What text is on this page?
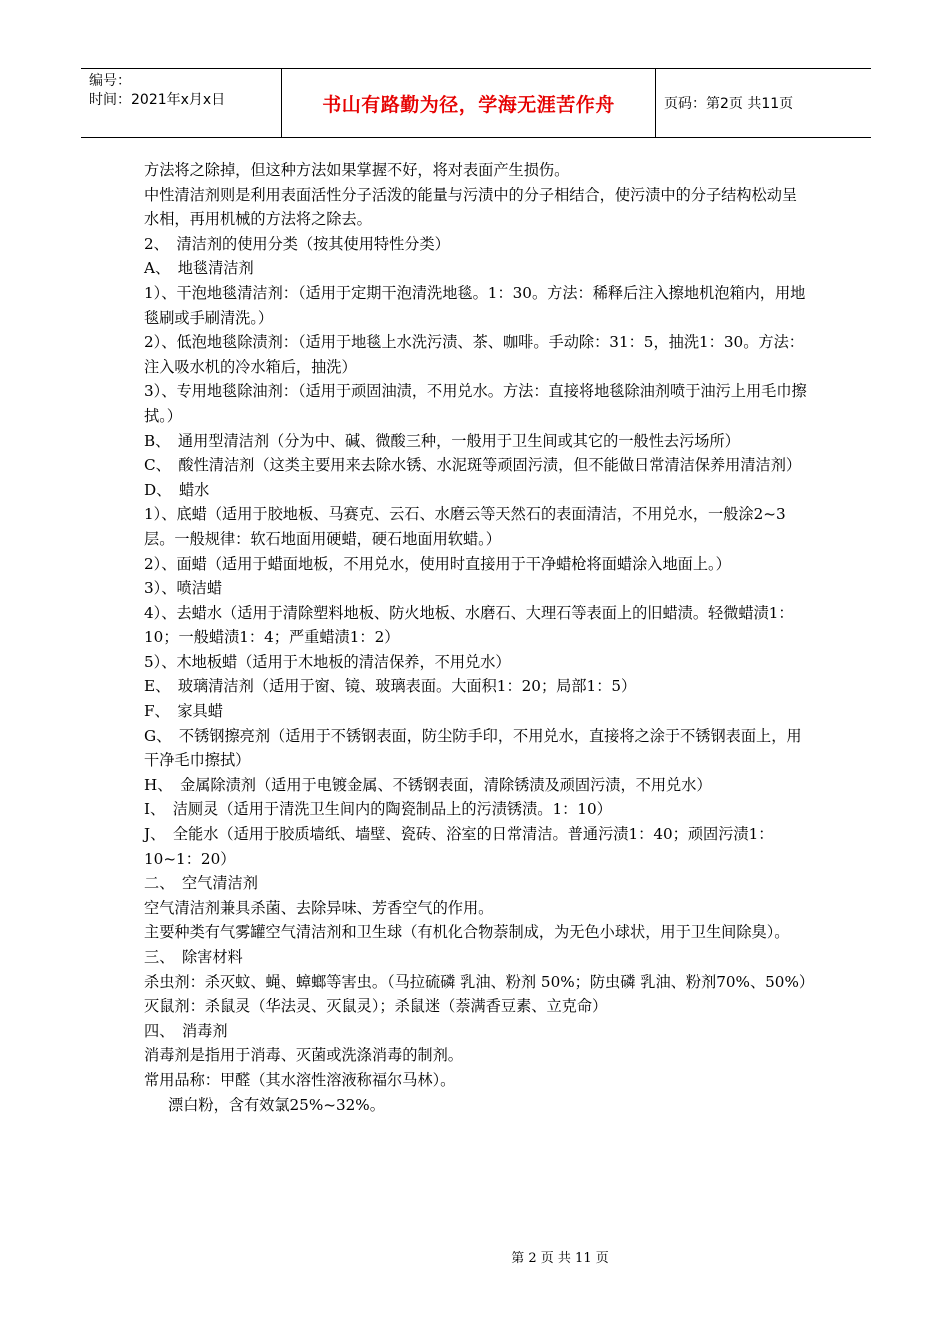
编号：
时间：2021年x月x日	书山有路勤为径，学海无涯苦作舟	页码：第2页 共11页

方法将之除掉，但这种方法如果掌握不好，将对表面产生损伤。

中性清洁剂则是利用表面活性分子活泼的能量与污渍中的分子相结合，使污渍中的分子结构松动呈水相，再用机械的方法将之除去。

2、　清洁剂的使用分类（按其使用特性分类）

A、　地毯清洁剂

1）、干泡地毯清洁剂：（适用于定期干泡清洗地毯。1：30。方法：稀释后注入擦地机泡箱内，用地毯刷或手刷清洗。）

2）、低泡地毯除渍剂：（适用于地毯上水洗污渍、茶、咖啡。手动除：31：5，抽洗1：30。方法：注入吸水机的冷水箱后，抽洗）

3）、专用地毯除油剂：（适用于顽固油渍，不用兑水。方法：直接将地毯除油剂喷于油污上用毛巾擦拭。）

B、　通用型清洁剂（分为中、碱、微酸三种，一般用于卫生间或其它的一般性去污场所）

C、　酸性清洁剂（这类主要用来去除水锈、水泥斑等顽固污渍，但不能做日常清洁保养用清洁剂）

D、　蜡水

1）、底蜡（适用于胶地板、马赛克、云石、水磨云等天然石的表面清洁，不用兑水，一般涂2~3层。一般规律：软石地面用硬蜡，硬石地面用软蜡。）

2）、面蜡（适用于蜡面地板，不用兑水，使用时直接用于干净蜡枪将面蜡涂入地面上。）

3）、喷洁蜡

4）、去蜡水（适用于清除塑料地板、防火地板、水磨石、大理石等表面上的旧蜡渍。轻微蜡渍1：10；一般蜡渍1：4；严重蜡渍1：2）

5）、木地板蜡（适用于木地板的清洁保养，不用兑水）

E、　玻璃清洁剂（适用于窗、镜、玻璃表面。大面积1：20；局部1：5）

F、　家具蜡

G、　不锈钢擦亮剂（适用于不锈钢表面，防尘防手印，不用兑水，直接将之涂于不锈钢表面上，用干净毛巾擦拭）

H、　金属除渍剂（适用于电镀金属、不锈钢表面，清除锈渍及顽固污渍，不用兑水）

I、　洁厕灵（适用于清洗卫生间内的陶瓷制品上的污渍锈渍。1：10）

J、　全能水（适用于胶质墙纸、墙壁、瓷砖、浴室的日常清洁。普通污渍1：40；顽固污渍1：10~1：20）

二、　空气清洁剂

空气清洁剂兼具杀菌、去除异味、芳香空气的作用。

主要种类有气雾罐空气清洁剂和卫生球（有机化合物萘制成，为无色小球状，用于卫生间除臭）。

三、　除害材料

杀虫剂：杀灭蚊、蝇、蟑螂等害虫。（马拉硫磷 乳油、粉剂 50%；防虫磷 乳油、粉剂70%、50%）

灭鼠剂：杀鼠灵（华法灵、灭鼠灵）；杀鼠迷（萘满香豆素、立克命）

四、　消毒剂

消毒剂是指用于消毒、灭菌或洗涤消毒的制剂。

常用品称：甲醛（其水溶性溶液称福尔马林）。

漂白粉，含有效氯25%~32%。

第 2 页 共 11 页
